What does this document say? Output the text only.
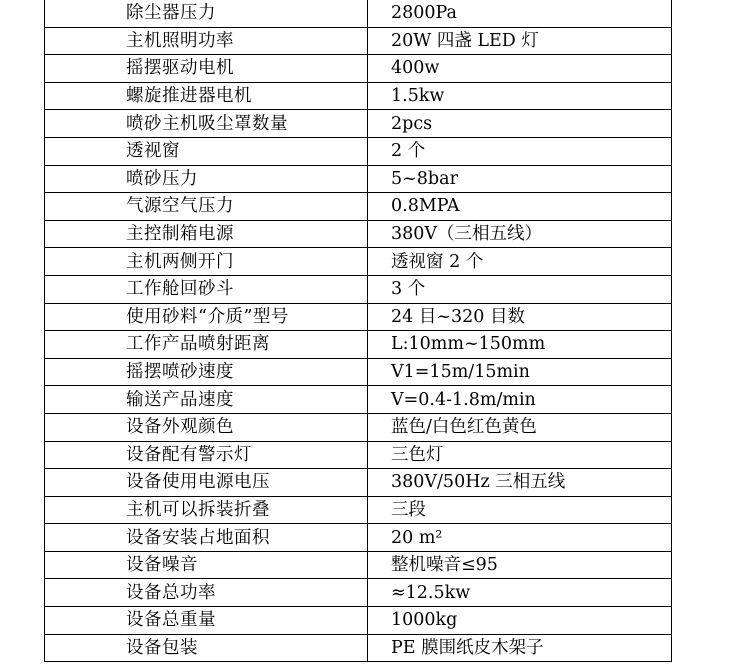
除尘器压力	2800Pa
主机照明功率	20W 四盏 LED 灯
摇摆驱动电机	400w
螺旋推进器电机	1.5kw
喷砂主机吸尘罩数量	2pcs
透视窗	2 个
喷砂压力	5~8bar
气源空气压力	0.8MPA
主控制箱电源	380V（三相五线）
主机两侧开门	透视窗 2 个
工作舱回砂斗	3 个
使用砂料“介质”型号	24 目~320 目数
工作产品喷射距离	L:10mm~150mm
摇摆喷砂速度	V1=15m/15min
输送产品速度	V=0.4-1.8m/min
设备外观颜色	蓝色/白色红色黄色
设备配有警示灯	三色灯
设备使用电源电压	380V/50Hz 三相五线
主机可以拆装折叠	三段
设备安装占地面积	20 m²
设备噪音	整机噪音≤95
设备总功率	≈12.5kw
设备总重量	1000kg
设备包装	PE 膜围纸皮木架子
